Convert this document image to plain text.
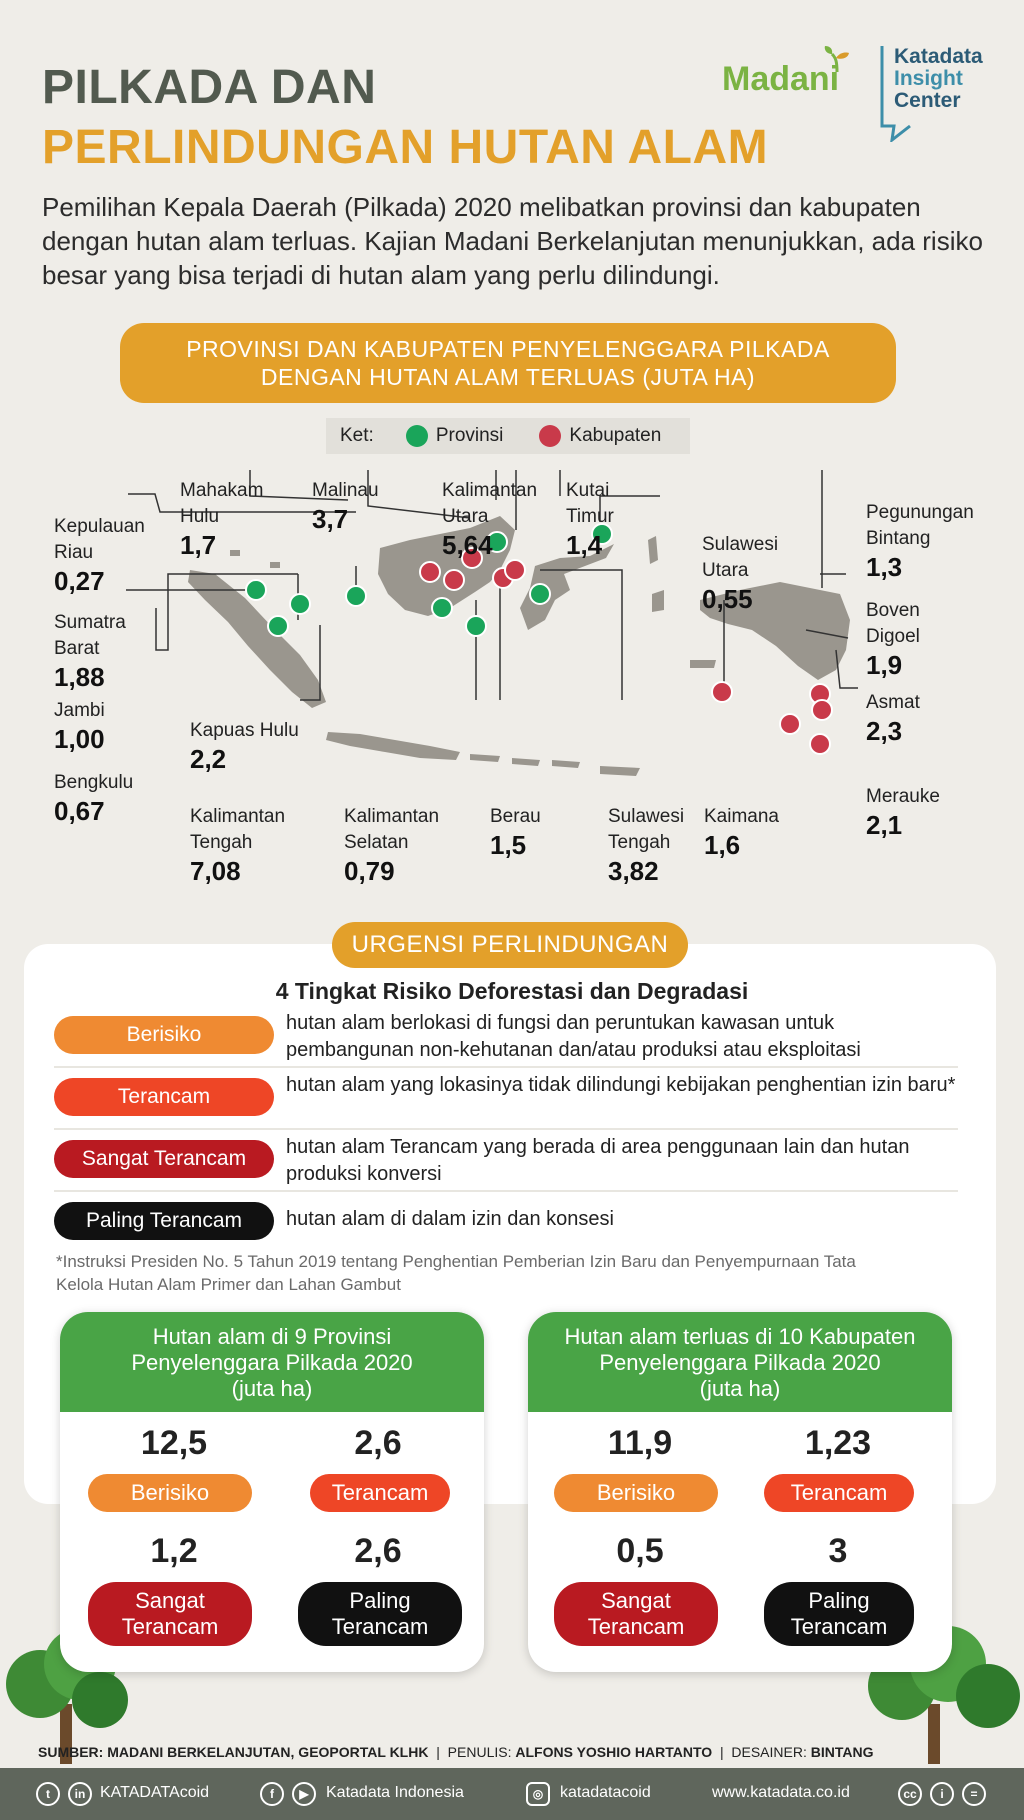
PILKADA DAN
PERLINDUNGAN HUTAN ALAM
Pemilihan Kepala Daerah (Pilkada) 2020 melibatkan provinsi dan kabupaten dengan hutan alam terluas. Kajian Madani Berkelanjutan menunjukkan, ada risiko besar yang bisa terjadi di hutan alam yang perlu dilindungi.
Madani
Katadata
Insight
Center
PROVINSI DAN KABUPATEN PENYELENGGARA PILKADA
DENGAN HUTAN ALAM TERLUAS (JUTA HA)
Ket:	Provinsi	Kabupaten
Kepulauan
Riau
0,27
Sumatra
Barat
1,88
Jambi
1,00
Bengkulu
0,67
Mahakam
Hulu
1,7
Malinau
3,7
Kalimantan
Utara
5,64
Kutai
Timur
1,4	Sulawesi
Utara
0,55
Kapuas Hulu
2,2
Kalimantan
Tengah
7,08
Kalimantan
Selatan
0,79
Berau
1,5
Sulawesi
Tengah
3,82
Kaimana
1,6
Pegunungan
Bintang
1,3
Boven
Digoel
1,9
Asmat
2,3
Merauke
2,1
URGENSI PERLINDUNGAN
4 Tingkat Risiko Deforestasi dan Degradasi
Berisiko	hutan alam berlokasi di fungsi dan peruntukan kawasan untuk pembangunan non-kehutanan dan/atau produksi atau eksploitasi
Terancam	hutan alam yang lokasinya tidak dilindungi kebijakan penghentian izin baru*
Sangat Terancam	hutan alam Terancam yang berada di area penggunaan lain dan hutan produksi konversi
Paling Terancam	hutan alam di dalam izin dan konsesi
*Instruksi Presiden No. 5 Tahun 2019 tentang Penghentian Pemberian Izin Baru dan Penyempurnaan Tata Kelola Hutan Alam Primer dan Lahan Gambut
Hutan alam di 9 Provinsi
Penyelenggara Pilkada 2020
(juta ha)
12,5
Berisiko
2,6
Terancam
1,2
Sangat
Terancam
2,6
Paling
Terancam
Hutan alam terluas di 10 Kabupaten
Penyelenggara Pilkada 2020
(juta ha)
11,9
Berisiko
1,23
Terancam
0,5
Sangat
Terancam
3
Paling
Terancam
SUMBER: MADANI BERKELANJUTAN, GEOPORTAL KLHK  |  PENULIS: ALFONS YOSHIO HARTANTO  |  DESAINER: BINTANG
t	in KATADATAcoid	f	▶	Katadata Indonesia	◎	katadatacoid	www.katadata.co.id	cc	i	=
